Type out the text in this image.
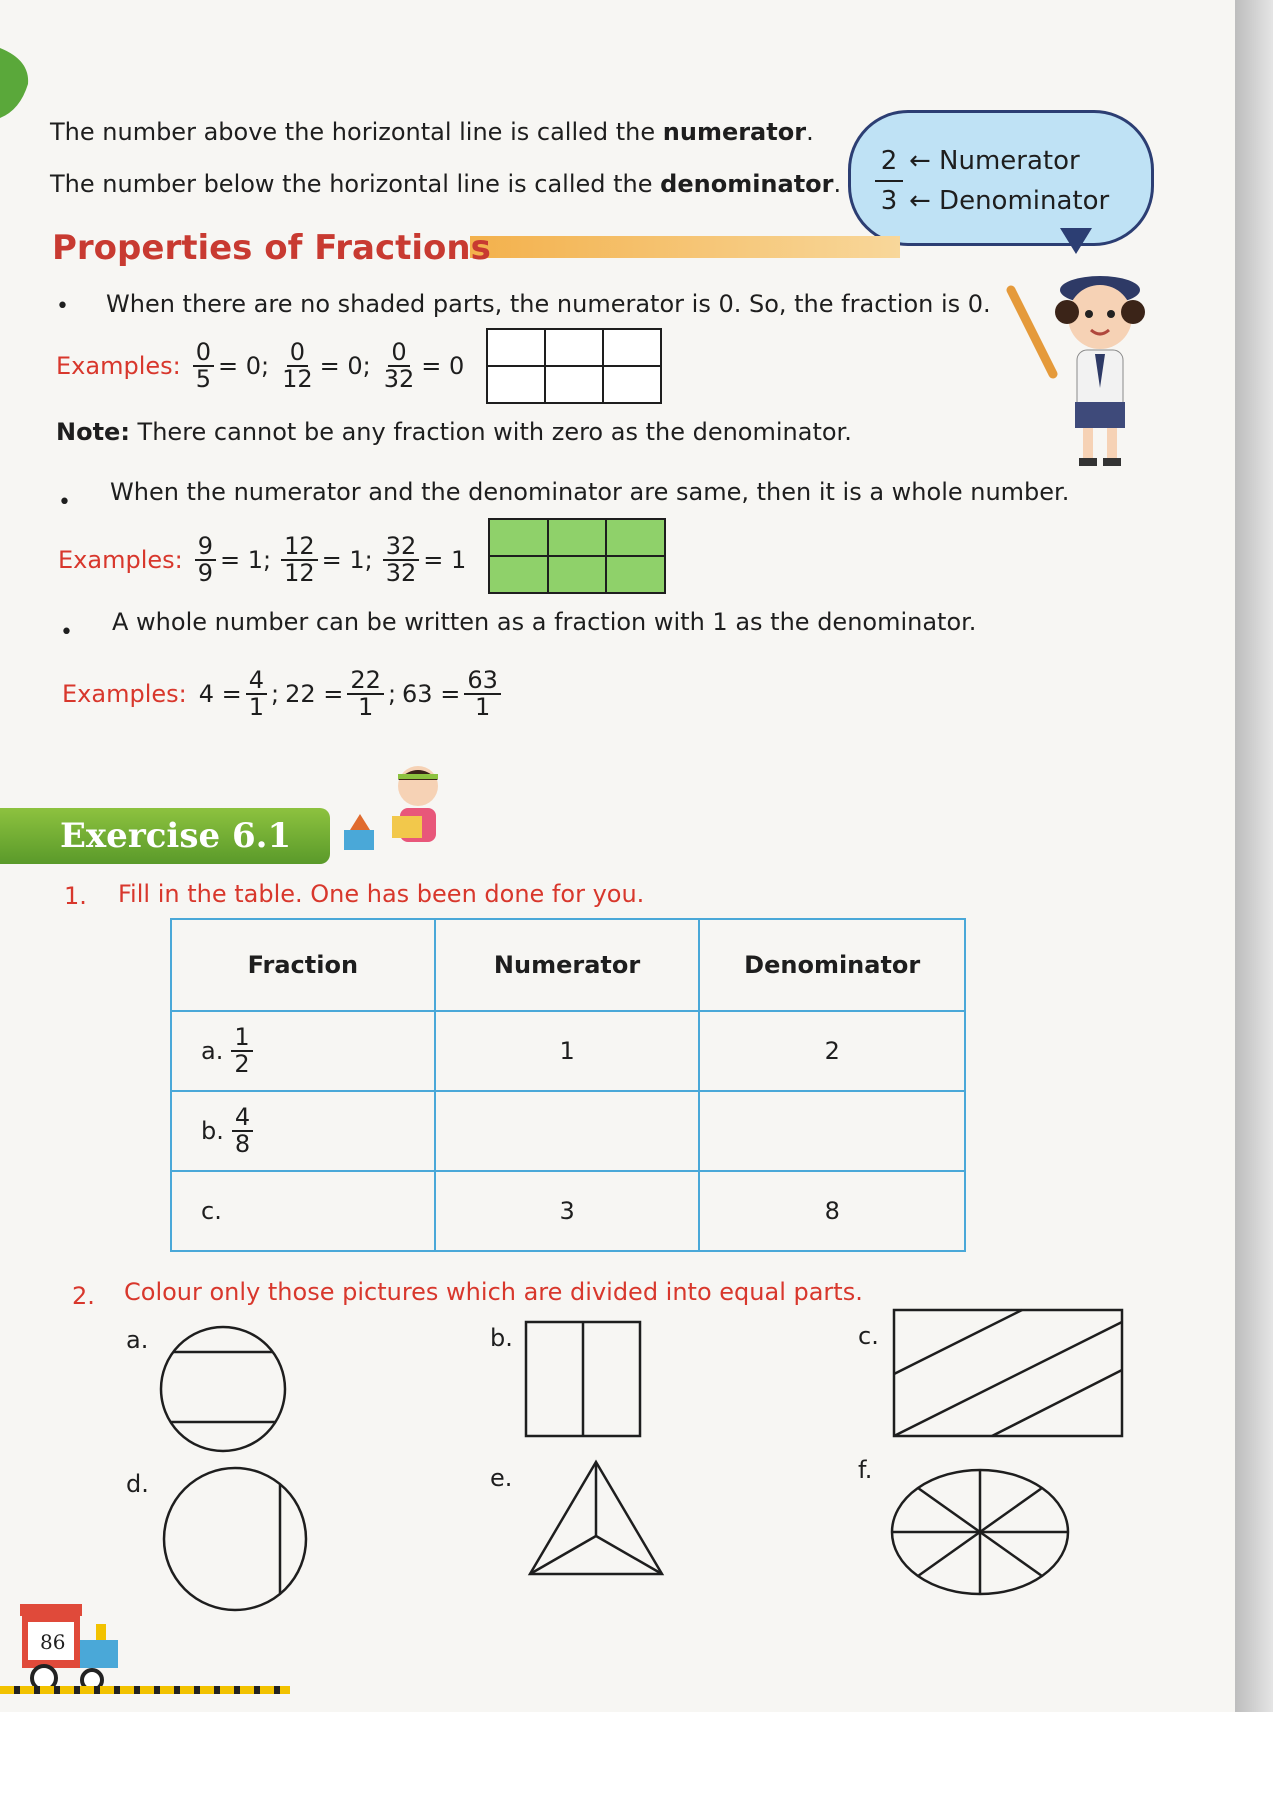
The number above the horizontal line is called the numerator.
The number below the horizontal line is called the denominator.
2 ← Numerator
3 ← Denominator
Properties of Fractions
• When there are no shaded parts, the numerator is 0. So, the fraction is 0.
Examples: $\frac{0}{5} = 0$; $\frac{0}{12} = 0$; $\frac{0}{32} = 0$
Note: There cannot be any fraction with zero as the denominator.
• When the numerator and the denominator are same, then it is a whole number.
Examples: $\frac{9}{9} = 1$; $\frac{12}{12} = 1$; $\frac{32}{32} = 1$
• A whole number can be written as a fraction with 1 as the denominator.
Examples: $4 = \frac{4}{1}$ ; $22 = \frac{22}{1}$ ; $63 = \frac{63}{1}$
Exercise 6.1
1. Fill in the table. One has been done for you.
Fraction	Numerator	Denominator

a. $\frac{1}{2}$	1	2

b. $\frac{4}{8}$

c.	3	8
2. Colour only those pictures which are divided into equal parts.
a.	b.	c.
d.	e.	f.
86
